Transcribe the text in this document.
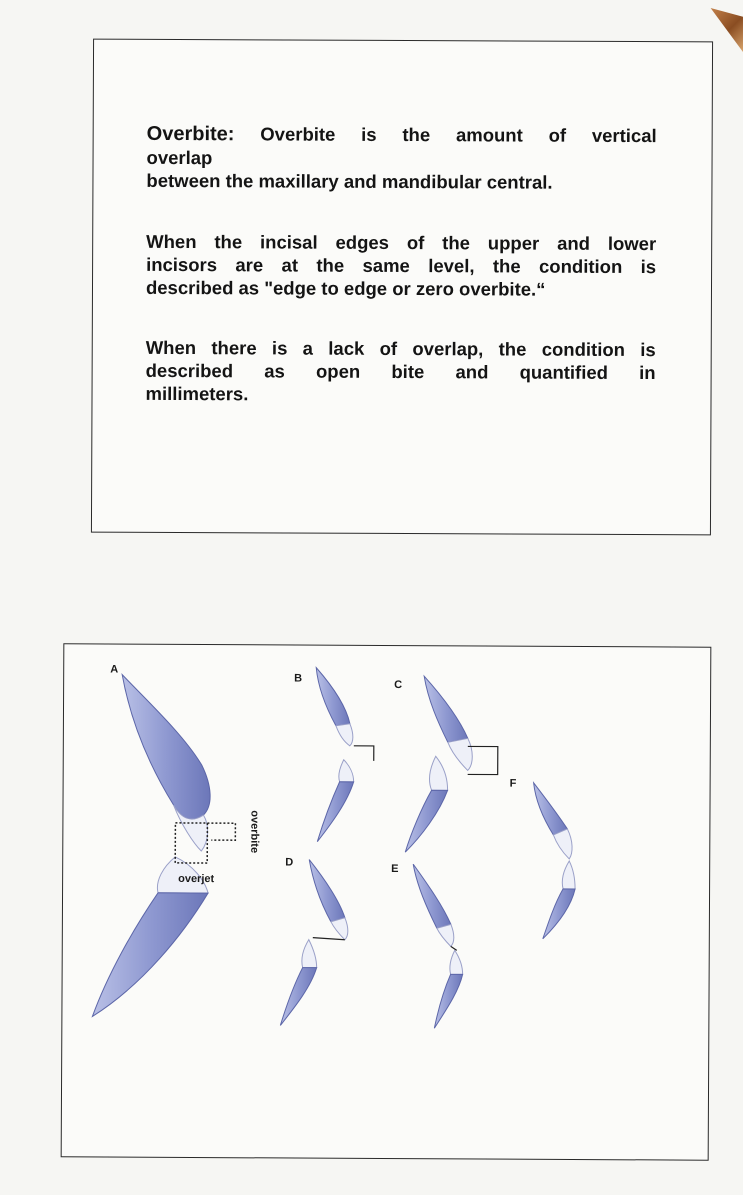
Overbite: Overbite is the amount of vertical
overlap
between the maxillary and mandibular central.
When the incisal edges of the upper and lower
incisors are at the same level, the condition is
described as "edge to edge or zero overbite.“
When there is a lack of overlap, the condition is
described as open bite and quantified in
millimeters.
A
overjet
overbite
B
C
D
E
F
